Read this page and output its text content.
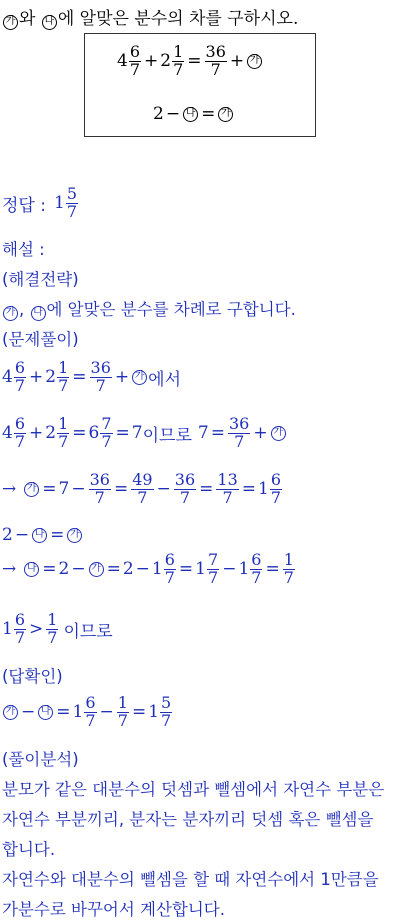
가 와 나 에 알맞은 분수의 차를 구하시오.
$4 \frac{6}{7} + 2 \frac{1}{7} = \frac{36}{7}$ + 가
2 − 나 = 가
정답 : $1 \frac{5}{7}$
해설 :
(해결전략)
가 , 나 에 알맞은 분수를 차례로 구합니다.
(문제풀이)
$4 \frac{6}{7} + 2 \frac{1}{7} = \frac{36}{7}$ + 가 에서
$4 \frac{6}{7} + 2 \frac{1}{7} = 6 \frac{7}{7} = 7$ 이므로 $7 = \frac{36}{7}$ + 가
→ 가 = $7 - \frac{36}{7} = \frac{49}{7} - \frac{36}{7} = \frac{13}{7} = 1 \frac{6}{7}$
2 − 나 = 가
→ 나 = 2 − 가 = $2 - 1 \frac{6}{7} = 1 \frac{7}{7} - 1 \frac{6}{7} = \frac{1}{7}$
$1 \frac{6}{7} > \frac{1}{7}$ 이므로
(답확인)
가 − 나 = $1 \frac{6}{7} - \frac{1}{7} = 1 \frac{5}{7}$
(풀이분석)
분모가 같은 대분수의 덧셈과 뺄셈에서 자연수 부분은
자연수 부분끼리, 분자는 분자끼리 덧셈 혹은 뺄셈을
합니다.
자연수와 대분수의 뺄셈을 할 때 자연수에서 1만큼을
가분수로 바꾸어서 계산합니다.
